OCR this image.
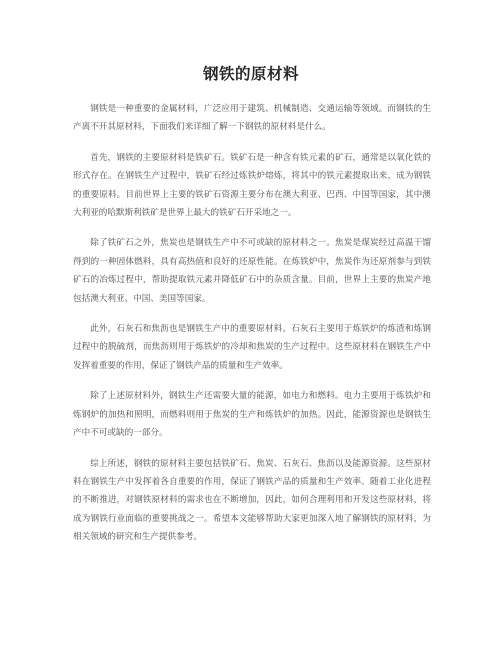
钢铁的原材料

钢铁是一种重要的金属材料，广泛应用于建筑、机械制造、交通运输等领域。而钢铁的生产离不开其原材料，下面我们来详细了解一下钢铁的原材料是什么。

首先，钢铁的主要原材料是铁矿石。铁矿石是一种含有铁元素的矿石，通常是以氧化铁的形式存在。在钢铁生产过程中，铁矿石经过炼铁炉熔炼，将其中的铁元素提取出来，成为钢铁的重要原料。目前世界上主要的铁矿石资源主要分布在澳大利亚、巴西、中国等国家，其中澳大利亚的哈默斯利铁矿是世界上最大的铁矿石开采地之一。

除了铁矿石之外，焦炭也是钢铁生产中不可或缺的原材料之一。焦炭是煤炭经过高温干馏得到的一种固体燃料，具有高热值和良好的还原性能。在炼铁炉中，焦炭作为还原剂参与到铁矿石的冶炼过程中，帮助提取铁元素并降低矿石中的杂质含量。目前，世界上主要的焦炭产地包括澳大利亚、中国、美国等国家。

此外，石灰石和焦沥也是钢铁生产中的重要原材料。石灰石主要用于炼铁炉的炼渣和炼钢过程中的脱硫剂，而焦沥则用于炼铁炉的冷却和焦炭的生产过程中。这些原材料在钢铁生产中发挥着重要的作用，保证了钢铁产品的质量和生产效率。

除了上述原材料外，钢铁生产还需要大量的能源，如电力和燃料。电力主要用于炼铁炉和炼钢炉的加热和照明，而燃料则用于焦炭的生产和炼铁炉的加热。因此，能源资源也是钢铁生产中不可或缺的一部分。

综上所述，钢铁的原材料主要包括铁矿石、焦炭、石灰石、焦沥以及能源资源。这些原材料在钢铁生产中发挥着各自重要的作用，保证了钢铁产品的质量和生产效率。随着工业化进程的不断推进，对钢铁原材料的需求也在不断增加，因此，如何合理利用和开发这些原材料，将成为钢铁行业面临的重要挑战之一。希望本文能够帮助大家更加深入地了解钢铁的原材料，为相关领域的研究和生产提供参考。
